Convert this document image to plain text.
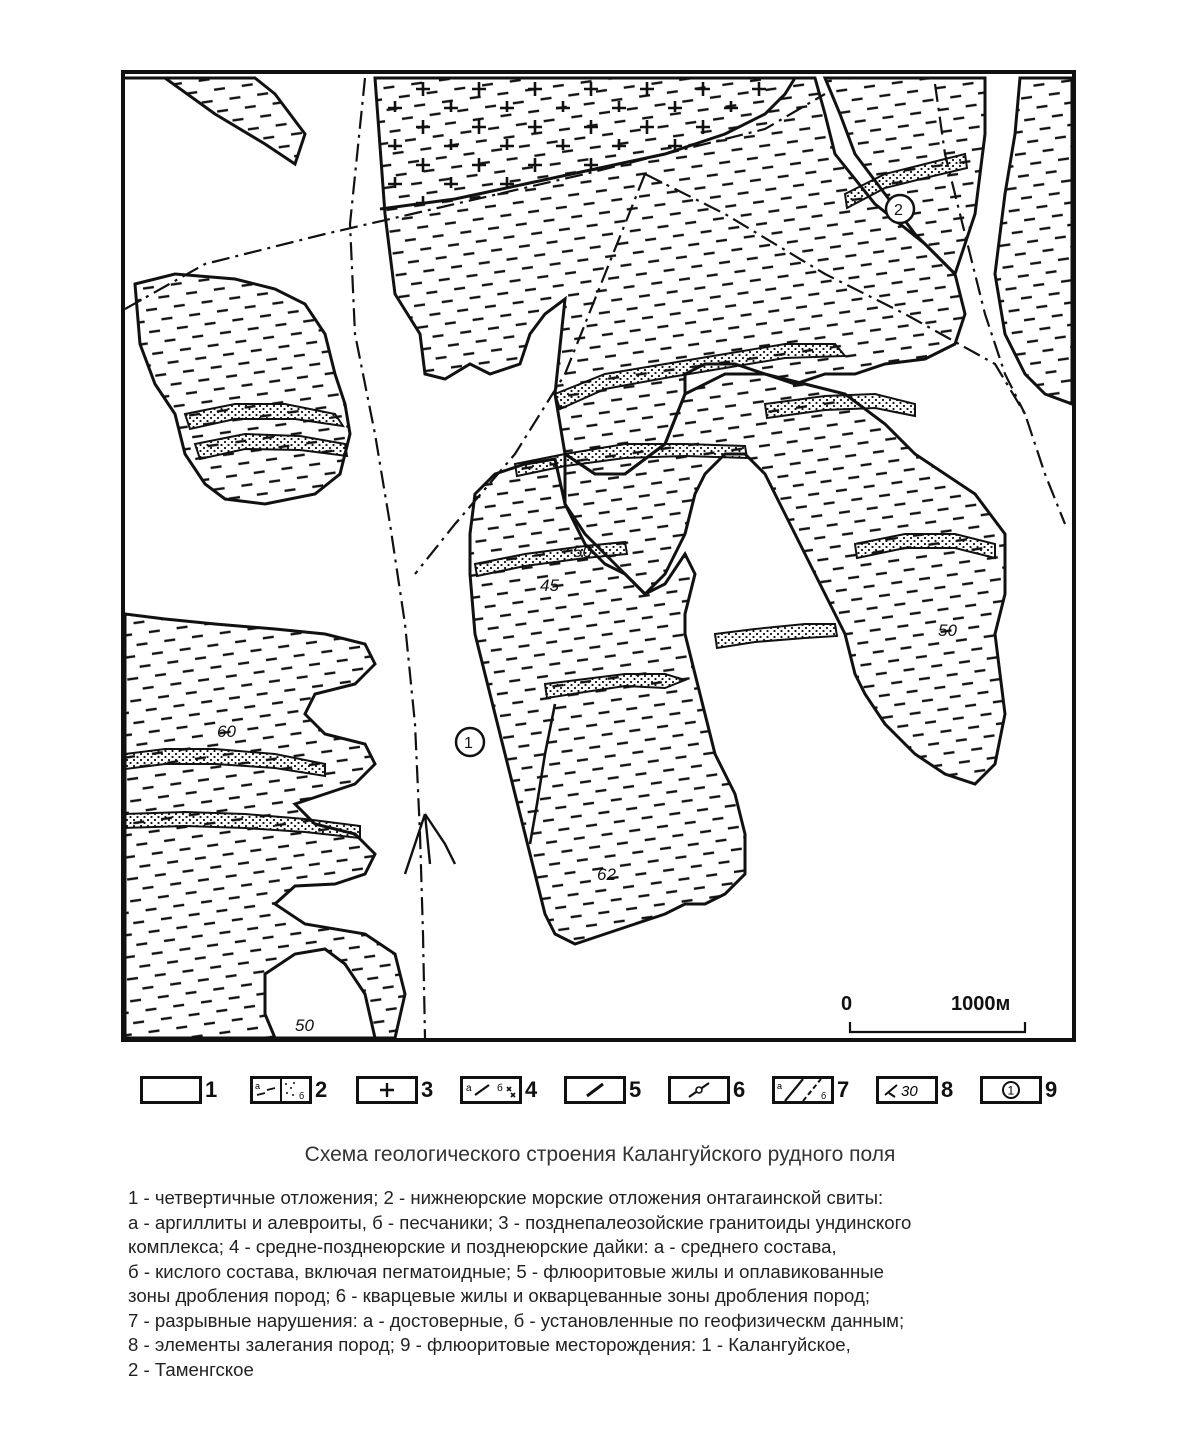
50
45
50
60
62
50
1
2
0	1000м
1	а
б 2	3	а	б 4	5	6	а
б 7	30 8	1 9
Схема геологического строения Калангуйского рудного поля
1 - четвертичные отложения; 2 - нижнеюрские морские отложения онтагаинской свиты:
а - аргиллиты и алевроиты, б - песчаники; 3 - позднепалеозойские гранитоиды ундинского
комплекса; 4 - средне-позднеюрские и позднеюрские дайки: а - среднего состава,
б - кислого состава, включая пегматоидные; 5 - флюоритовые жилы и оплавикованные
зоны дробления пород; 6 - кварцевые жилы и окварцеванные зоны дробления пород;
7 - разрывные нарушения: а - достоверные, б - установленные по геофизическм данным;
8 - элементы залегания пород; 9 - флюоритовые месторождения: 1 - Калангуйское,
2 - Таменгское
